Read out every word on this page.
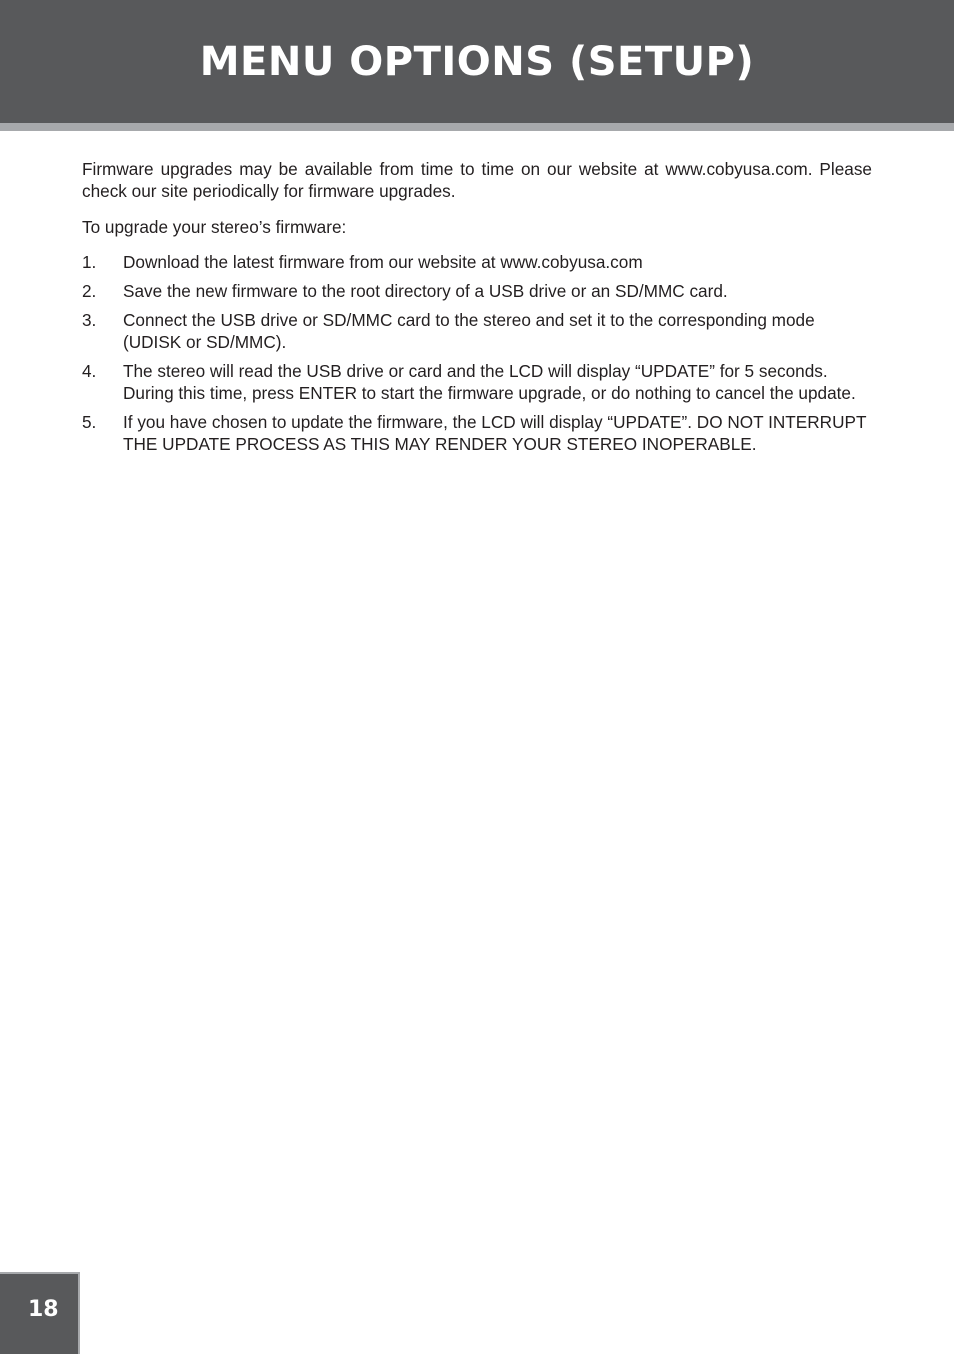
MENU OPTIONS (SETUP)

Firmware upgrades may be available from time to time on our website at www.cobyusa.com. Please check our site periodically for firmware upgrades.

To upgrade your stereo’s firmware:

1. Download the latest firmware from our website at www.cobyusa.com
2. Save the new firmware to the root directory of a USB drive or an SD/MMC card.
3. Connect the USB drive or SD/MMC card to the stereo and set it to the corresponding mode (UDISK or SD/MMC).
4. The stereo will read the USB drive or card and the LCD will display “UPDATE” for 5 seconds. During this time, press ENTER to start the firmware upgrade, or do nothing to cancel the update.
5. If you have chosen to update the firmware, the LCD will display “UPDATE”. DO NOT INTERRUPT THE UPDATE PROCESS AS THIS MAY RENDER YOUR STEREO INOPERABLE.
18
